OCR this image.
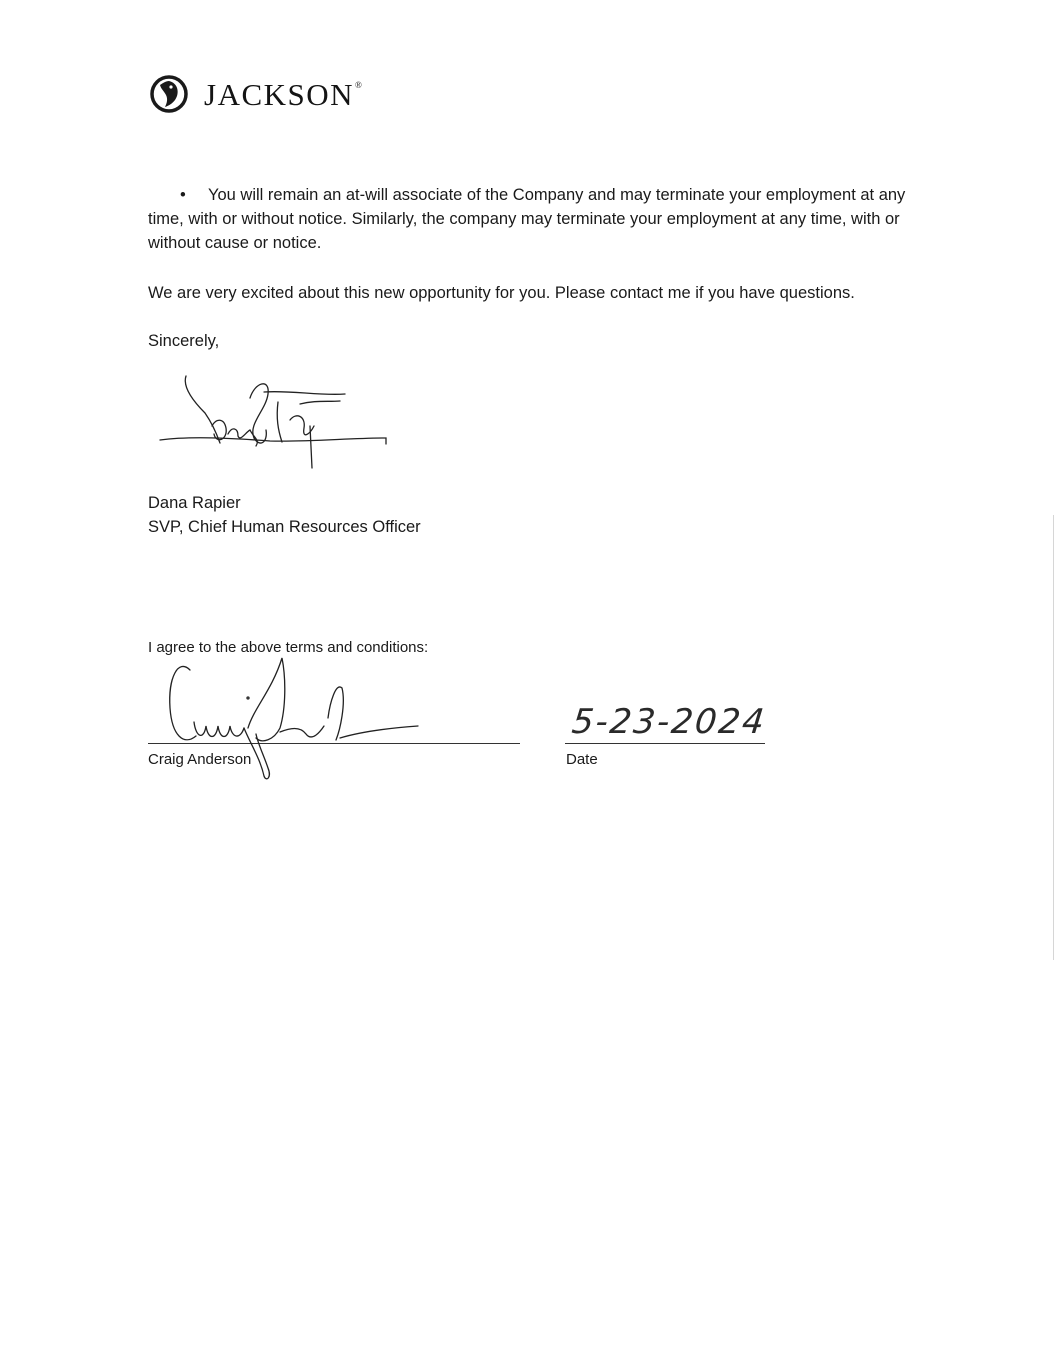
JACKSON®
• You will remain an at-will associate of the Company and may terminate your employment at any time, with or without notice. Similarly, the company may terminate your employment at any time, with or without cause or notice.
We are very excited about this new opportunity for you. Please contact me if you have questions.
Sincerely,
Dana Rapier
SVP, Chief Human Resources Officer
I agree to the above terms and conditions:
Craig Anderson
5-23-2024
Date
